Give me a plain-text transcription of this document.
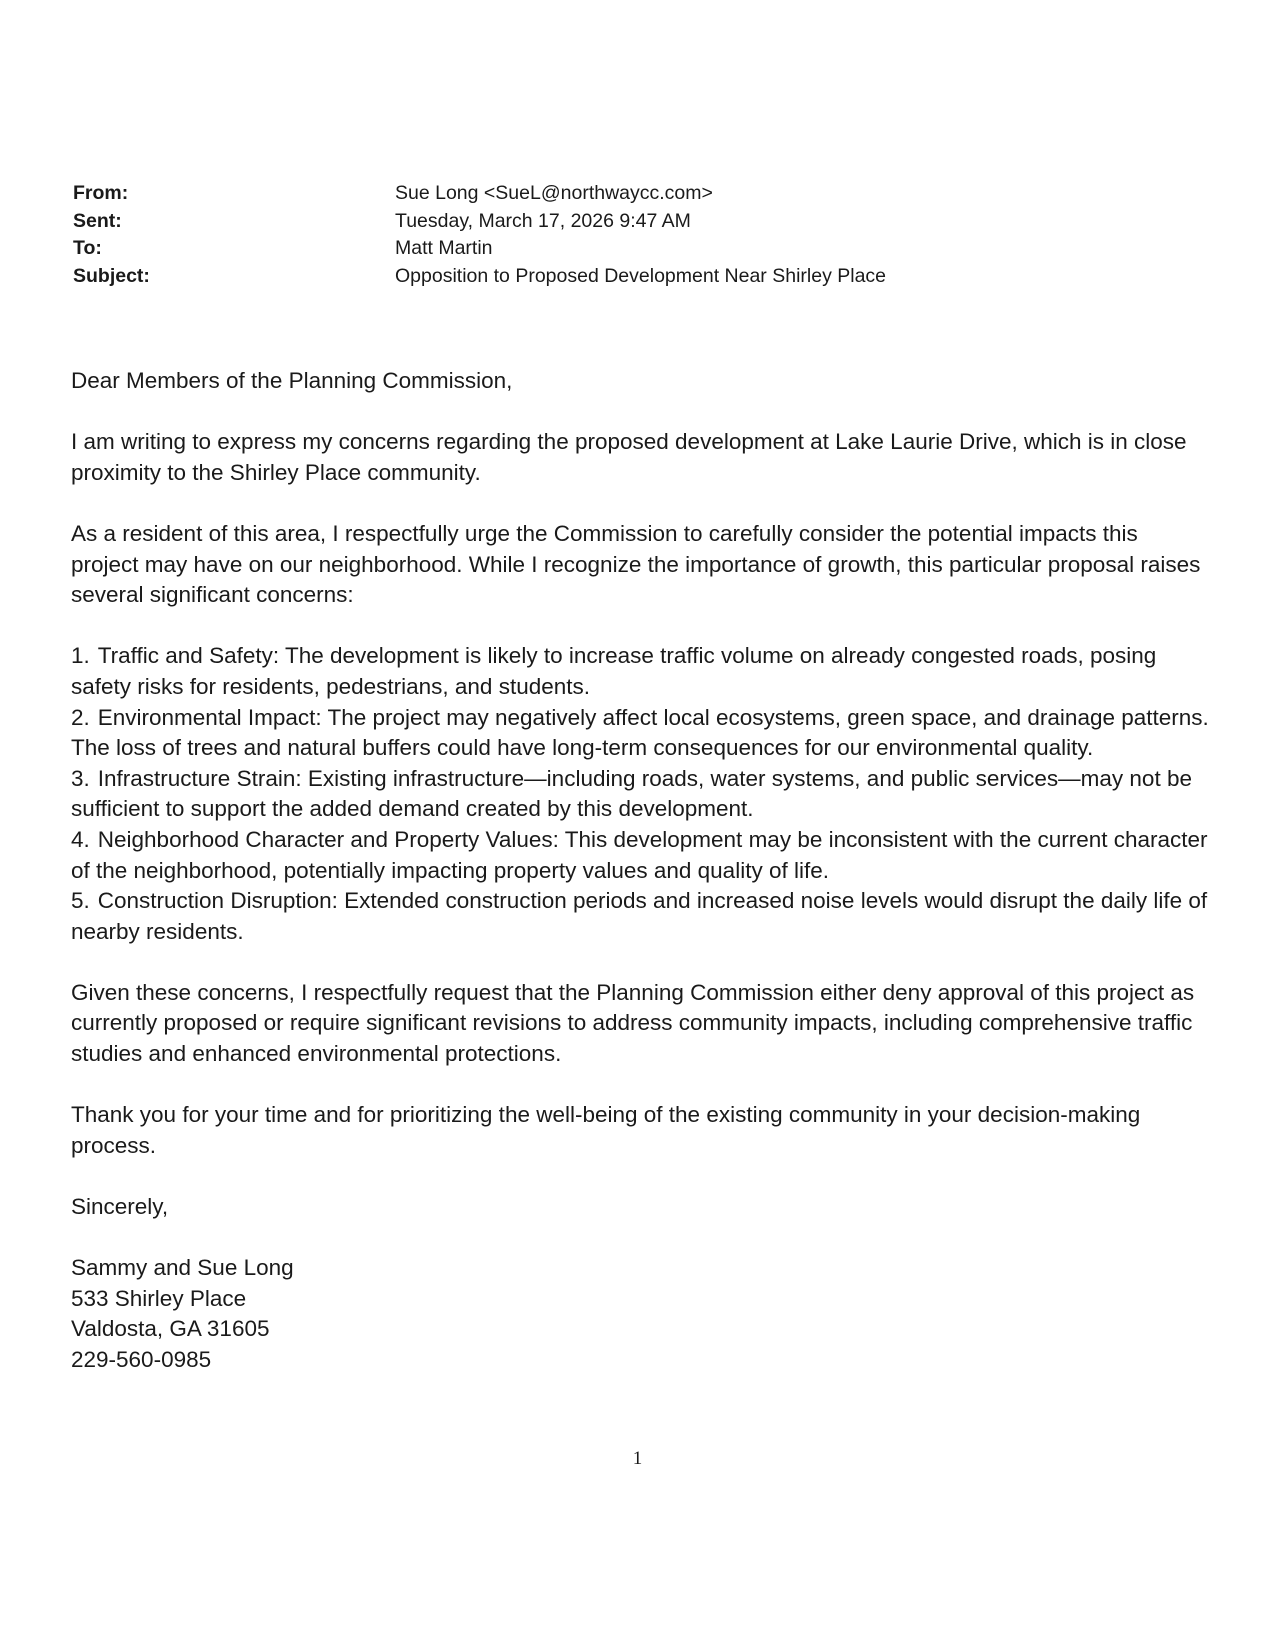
From:	Sue Long <SueL@northwaycc.com>
Sent:	Tuesday, March 17, 2026 9:47 AM
To:	Matt Martin
Subject:	Opposition to Proposed Development Near Shirley Place

Dear Members of the Planning Commission,

I am writing to express my concerns regarding the proposed development at Lake Laurie Drive, which is in close proximity to the Shirley Place community.

As a resident of this area, I respectfully urge the Commission to carefully consider the potential impacts this project may have on our neighborhood. While I recognize the importance of growth, this particular proposal raises several significant concerns:

1. Traffic and Safety: The development is likely to increase traffic volume on already congested roads, posing safety risks for residents, pedestrians, and students.
2. Environmental Impact: The project may negatively affect local ecosystems, green space, and drainage patterns. The loss of trees and natural buffers could have long-term consequences for our environmental quality.
3. Infrastructure Strain: Existing infrastructure—including roads, water systems, and public services—may not be sufficient to support the added demand created by this development.
4. Neighborhood Character and Property Values: This development may be inconsistent with the current character of the neighborhood, potentially impacting property values and quality of life.
5. Construction Disruption: Extended construction periods and increased noise levels would disrupt the daily life of nearby residents.

Given these concerns, I respectfully request that the Planning Commission either deny approval of this project as currently proposed or require significant revisions to address community impacts, including comprehensive traffic studies and enhanced environmental protections.

Thank you for your time and for prioritizing the well-being of the existing community in your decision-making process.

Sincerely,

Sammy and Sue Long

533 Shirley Place

Valdosta, GA 31605

229-560-0985

1
